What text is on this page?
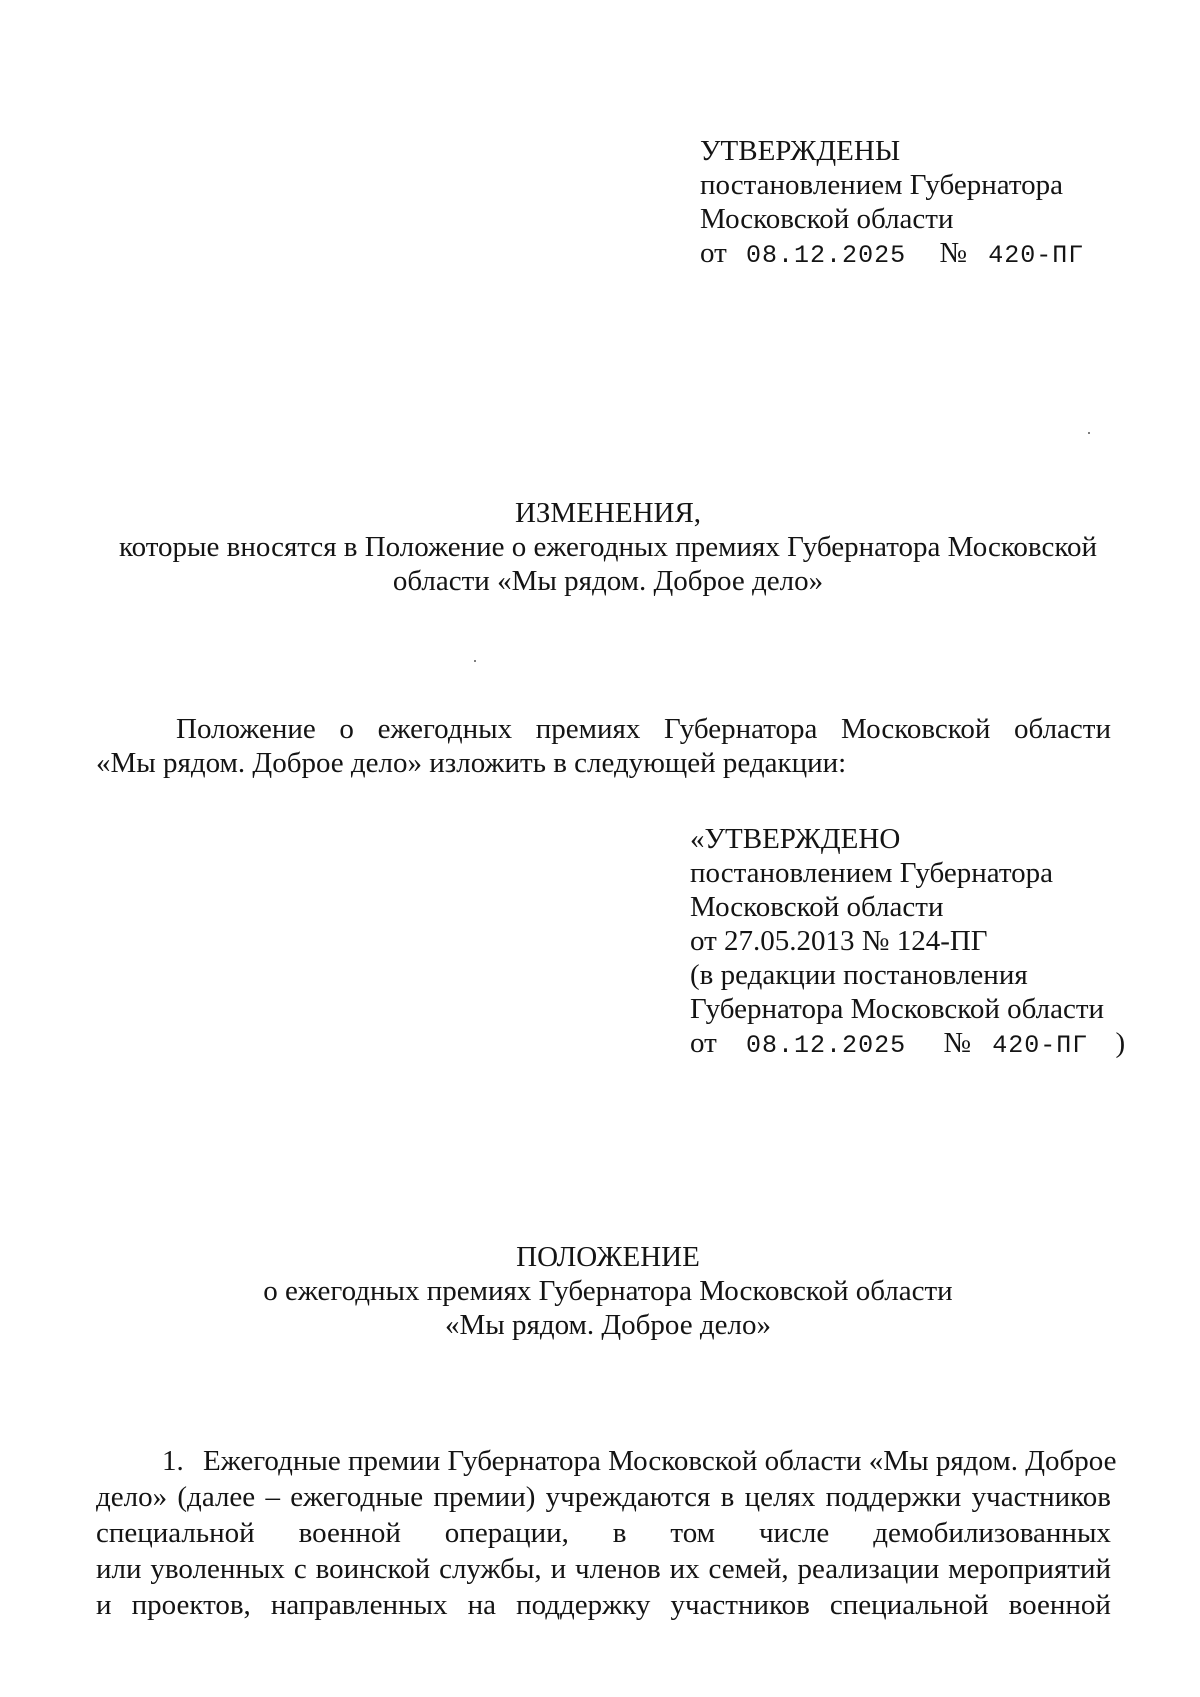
УТВЕРЖДЕНЫ
постановлением Губернатора
Московской области
от 08.12.2025 № 420-ПГ
ИЗМЕНЕНИЯ,
которые вносятся в Положение о ежегодных премиях Губернатора Московской
области «Мы рядом. Доброе дело»
Положение о ежегодных премиях Губернатора Московской области
«Мы рядом. Доброе дело» изложить в следующей редакции:
«УТВЕРЖДЕНО
постановлением Губернатора
Московской области
от 27.05.2013 № 124-ПГ
(в редакции постановления
Губернатора Московской области
от 08.12.2025 № 420-ПГ )
ПОЛОЖЕНИЕ
о ежегодных премиях Губернатора Московской области
«Мы рядом. Доброе дело»
1. Ежегодные премии Губернатора Московской области «Мы рядом. Доброе
дело» (далее – ежегодные премии) учреждаются в целях поддержки участников
специальной военной операции, в том числе демобилизованных
или уволенных с воинской службы, и членов их семей, реализации мероприятий
и проектов, направленных на поддержку участников специальной военной
